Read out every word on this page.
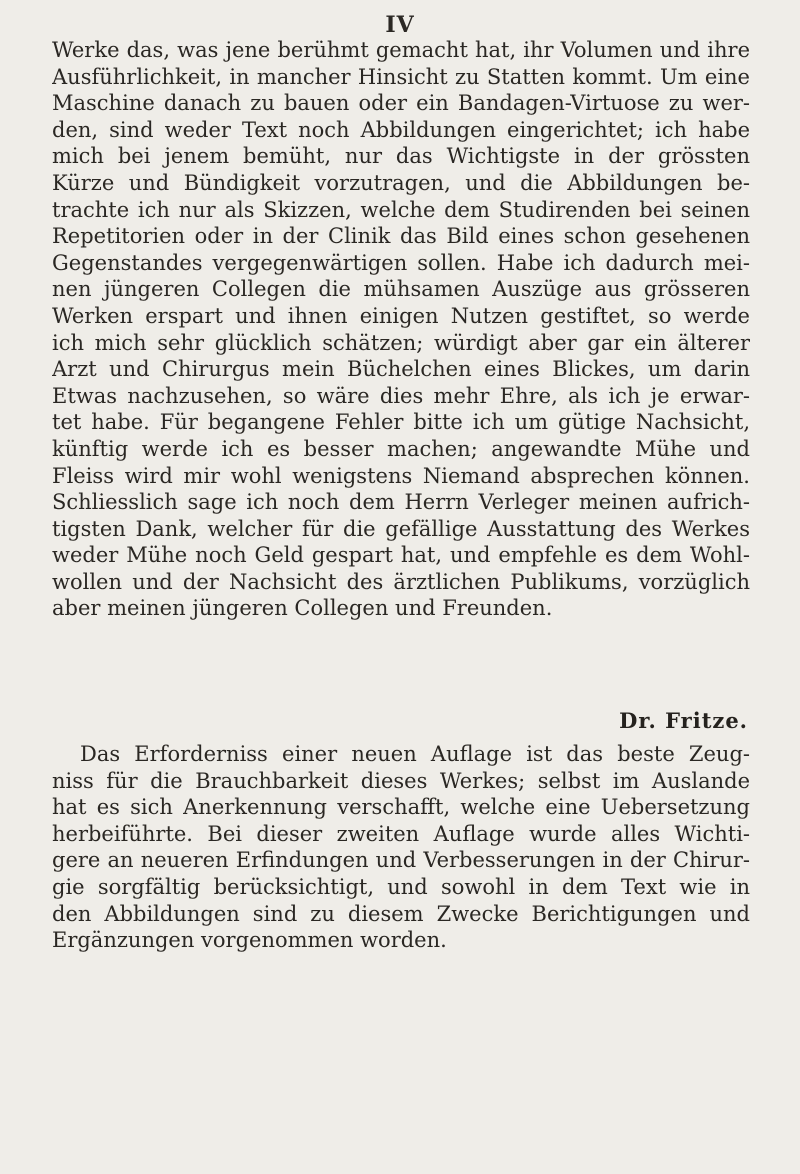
IV
Werke das, was jene berühmt gemacht hat, ihr Volumen und ihre
Ausführlichkeit, in mancher Hinsicht zu Statten kommt. Um eine
Maschine danach zu bauen oder ein Bandagen-Virtuose zu wer-
den, sind weder Text noch Abbildungen eingerichtet; ich habe
mich bei jenem bemüht, nur das Wichtigste in der grössten
Kürze und Bündigkeit vorzutragen, und die Abbildungen be-
trachte ich nur als Skizzen, welche dem Studirenden bei seinen
Repetitorien oder in der Clinik das Bild eines schon gesehenen
Gegenstandes vergegenwärtigen sollen. Habe ich dadurch mei-
nen jüngeren Collegen die mühsamen Auszüge aus grösseren
Werken erspart und ihnen einigen Nutzen gestiftet, so werde
ich mich sehr glücklich schätzen; würdigt aber gar ein älterer
Arzt und Chirurgus mein Büchelchen eines Blickes, um darin
Etwas nachzusehen, so wäre dies mehr Ehre, als ich je erwar-
tet habe. Für begangene Fehler bitte ich um gütige Nachsicht,
künftig werde ich es besser machen; angewandte Mühe und
Fleiss wird mir wohl wenigstens Niemand absprechen können.
Schliesslich sage ich noch dem Herrn Verleger meinen aufrich-
tigsten Dank, welcher für die gefällige Ausstattung des Werkes
weder Mühe noch Geld gespart hat, und empfehle es dem Wohl-
wollen und der Nachsicht des ärztlichen Publikums, vorzüglich
aber meinen jüngeren Collegen und Freunden.
Dr. Fritze.
Das Erforderniss einer neuen Auflage ist das beste Zeug-
niss für die Brauchbarkeit dieses Werkes; selbst im Auslande
hat es sich Anerkennung verschafft, welche eine Uebersetzung
herbeiführte. Bei dieser zweiten Auflage wurde alles Wichti-
gere an neueren Erfindungen und Verbesserungen in der Chirur-
gie sorgfältig berücksichtigt, und sowohl in dem Text wie in
den Abbildungen sind zu diesem Zwecke Berichtigungen und
Ergänzungen vorgenommen worden.
